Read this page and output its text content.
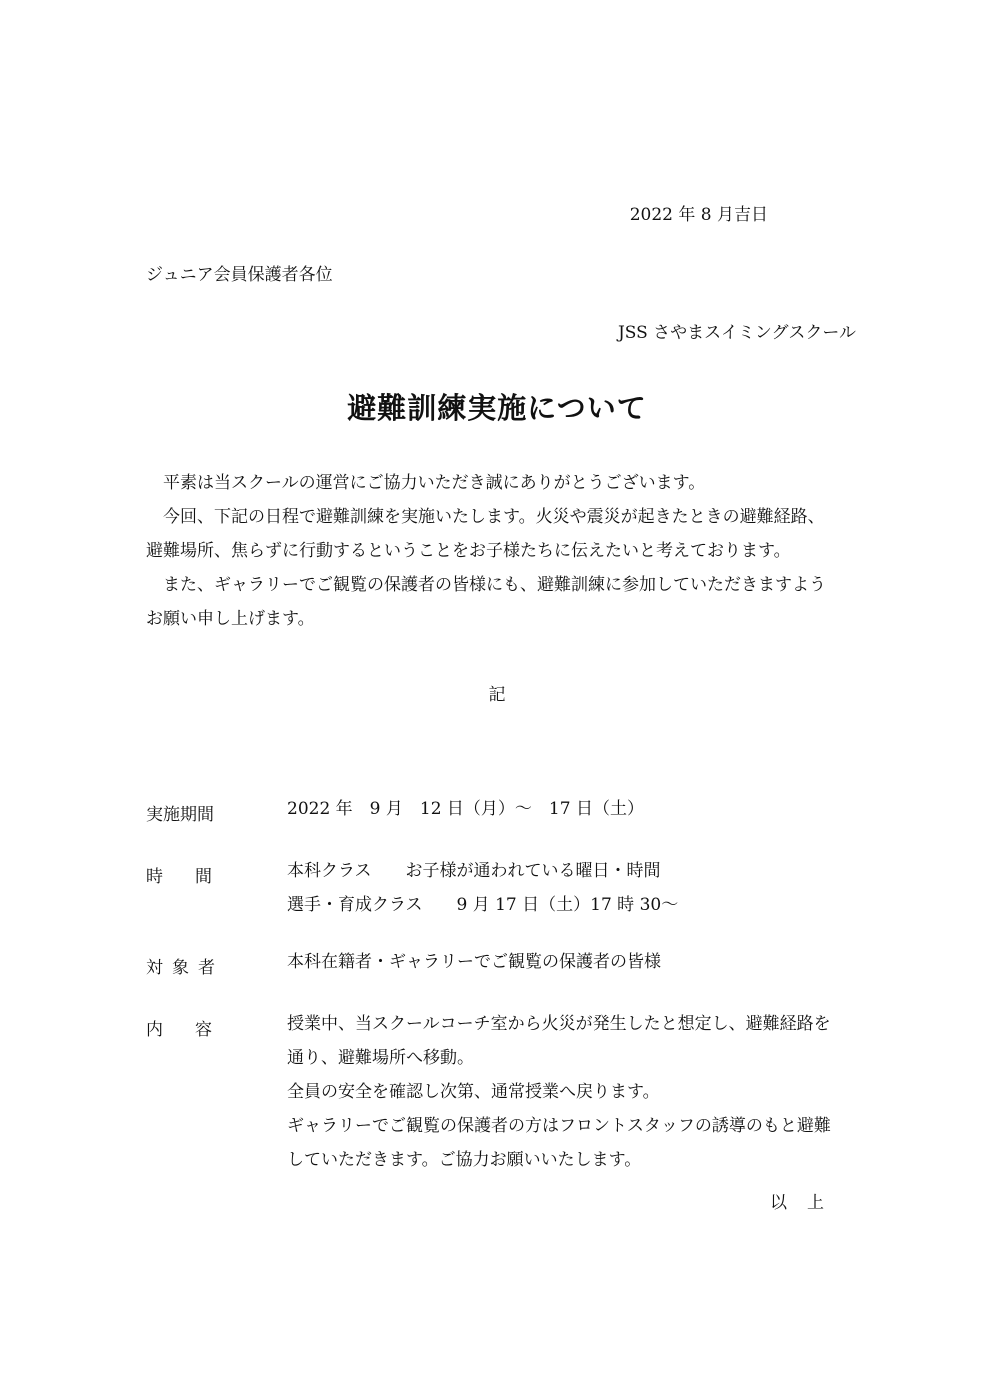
2022 年 8 月吉日
ジュニア会員保護者各位
JSS さやまスイミングスクール
避難訓練実施について

平素は当スクールの運営にご協力いただき誠にありがとうございます。

今回、下記の日程で避難訓練を実施いたします。火災や震災が起きたときの避難経路、

避難場所、焦らずに行動するということをお子様たちに伝えたいと考えております。

また、ギャラリーでご観覧の保護者の皆様にも、避難訓練に参加していただきますよう

お願い申し上げます。

記
実施期間	2022 年　9 月　12 日（月）～　17 日（土）

時間	本科クラス　　お子様が通われている曜日・時間

選手・育成クラス　　9 月 17 日（土）17 時 30～

対象者	本科在籍者・ギャラリーでご観覧の保護者の皆様

内容	授業中、当スクールコーチ室から火災が発生したと想定し、避難経路を

通り、避難場所へ移動。

全員の安全を確認し次第、通常授業へ戻ります。

ギャラリーでご観覧の保護者の方はフロントスタッフの誘導のもと避難

していただきます。ご協力お願いいたします。

以上
